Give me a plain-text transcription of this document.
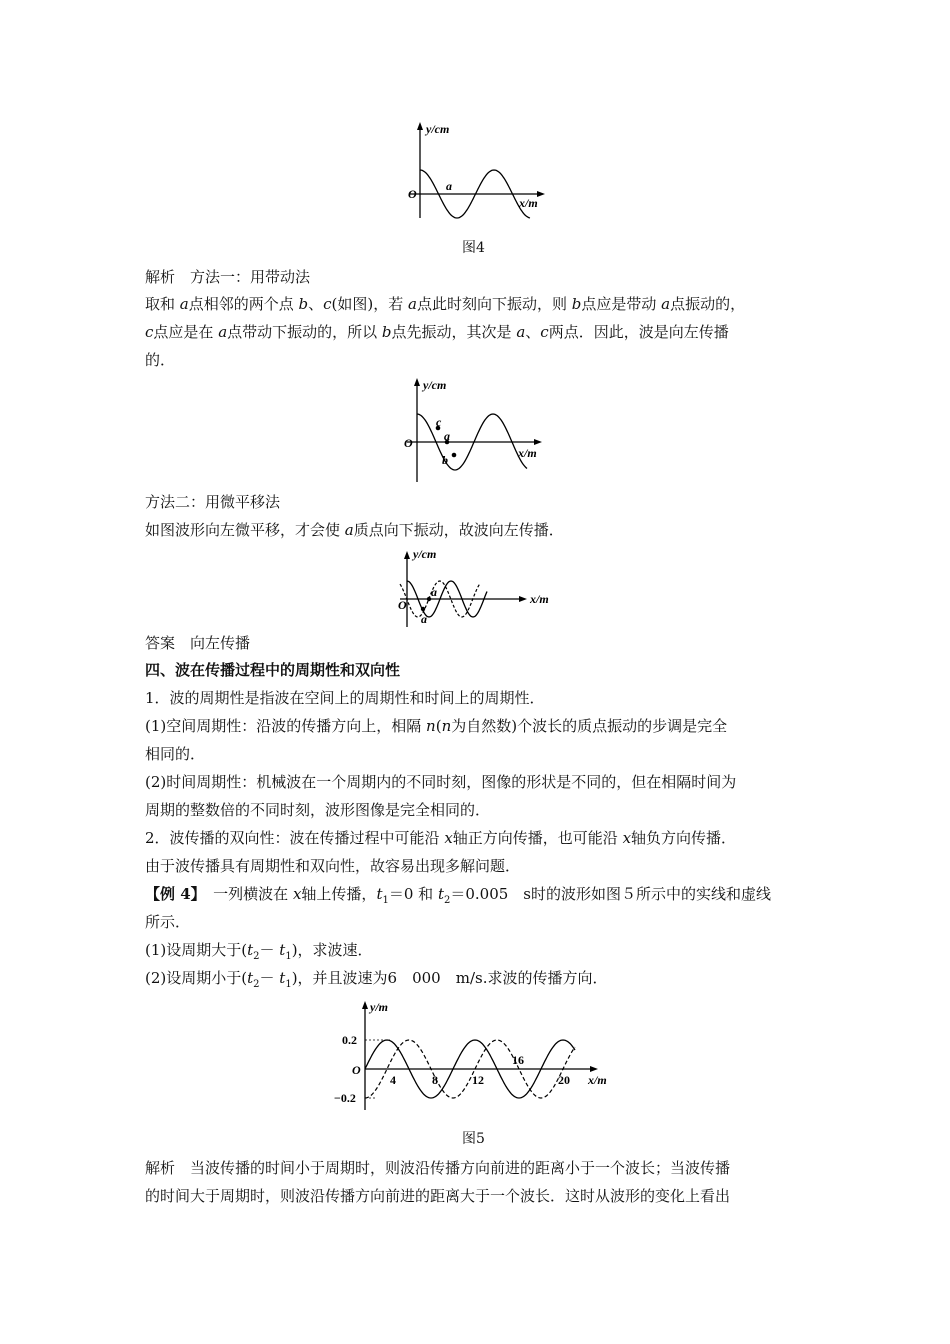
y/cm
x/m
O
a
图4
解析　方法一：用带动法
取和 a点相邻的两个点 b、c(如图)，若 a点此时刻向下振动，则 b点应是带动 a点振动的，
c点应是在 a点带动下振动的，所以 b点先振动，其次是 a、c两点．因此，波是向左传播
的．
y/cm
x/m
O
c
a
b
方法二：用微平移法
如图波形向左微平移，才会使 a质点向下振动，故波向左传播．
y/cm
x/m
O
a
a
答案　向左传播
四、波在传播过程中的周期性和双向性
1．波的周期性是指波在空间上的周期性和时间上的周期性．
(1)空间周期性：沿波的传播方向上，相隔 n(n为自然数)个波长的质点振动的步调是完全
相同的．
(2)时间周期性：机械波在一个周期内的不同时刻，图像的形状是不同的，但在相隔时间为
周期的整数倍的不同时刻，波形图像是完全相同的．
2．波传播的双向性：波在传播过程中可能沿 x轴正方向传播，也可能沿 x轴负方向传播．
由于波传播具有周期性和双向性，故容易出现多解问题．
【例 4】　一列横波在 x轴上传播，$t_1=0$ 和 $t_2=0.005$　s时的波形如图５所示中的实线和虚线
所示．
(1)设周期大于$(t_2- t_1)$，求波速．
(2)设周期小于$(t_2- t_1)$，并且波速为6　000　m/s.求波的传播方向．
y/m
x/m
O
0.2
−0.2
4	8	12
16
20
图5
解析　当波传播的时间小于周期时，则波沿传播方向前进的距离小于一个波长；当波传播
的时间大于周期时，则波沿传播方向前进的距离大于一个波长．这时从波形的变化上看出
